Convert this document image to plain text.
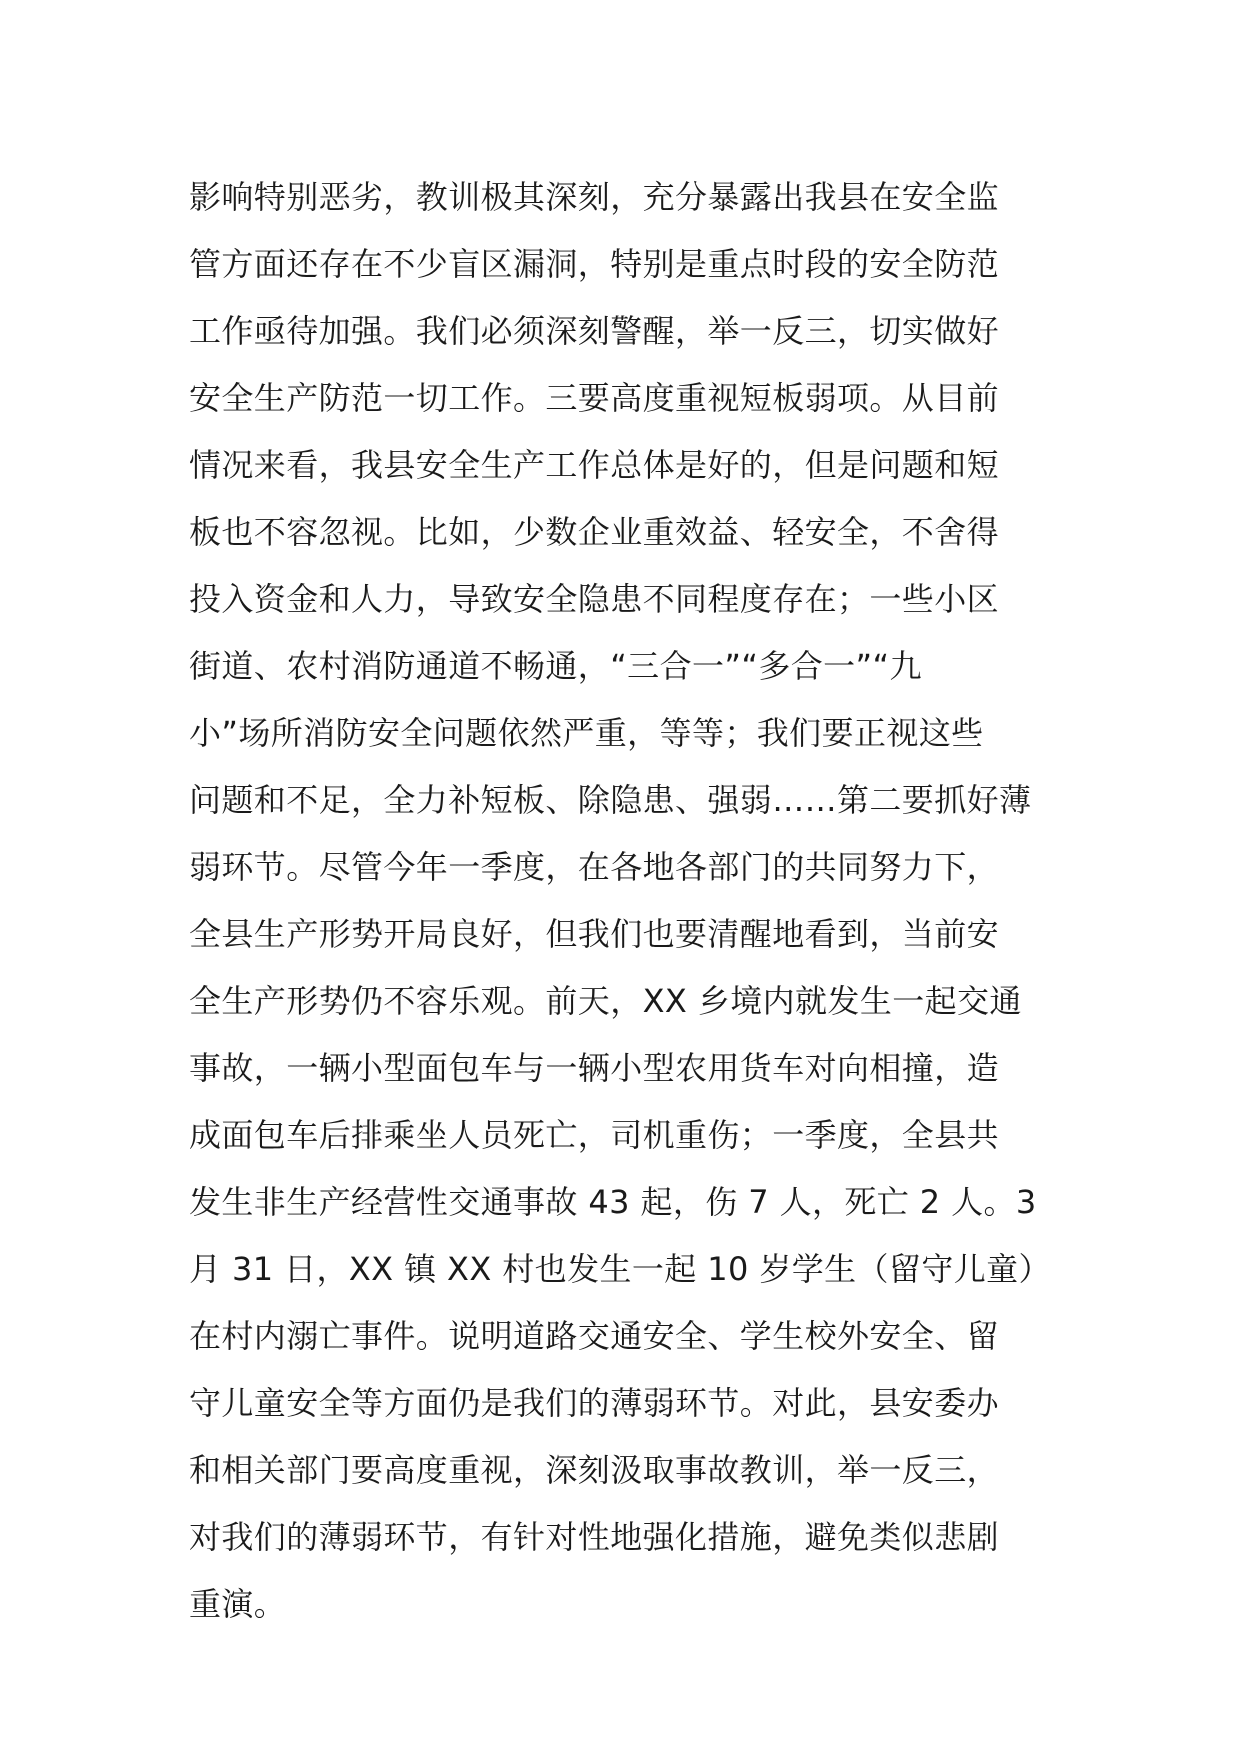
影响特别恶劣，教训极其深刻，充分暴露出我县在安全监
管方面还存在不少盲区漏洞，特别是重点时段的安全防范
工作亟待加强。我们必须深刻警醒，举一反三，切实做好
安全生产防范一切工作。三要高度重视短板弱项。从目前
情况来看，我县安全生产工作总体是好的，但是问题和短
板也不容忽视。比如，少数企业重效益、轻安全，不舍得
投入资金和人力，导致安全隐患不同程度存在；一些小区
街道、农村消防通道不畅通，“三合一”“多合一”“九
小”场所消防安全问题依然严重，等等；我们要正视这些
问题和不足，全力补短板、除隐患、强弱……第二要抓好薄
弱环节。尽管今年一季度，在各地各部门的共同努力下，
全县生产形势开局良好，但我们也要清醒地看到，当前安
全生产形势仍不容乐观。前天，XX 乡境内就发生一起交通
事故，一辆小型面包车与一辆小型农用货车对向相撞，造
成面包车后排乘坐人员死亡，司机重伤；一季度，全县共
发生非生产经营性交通事故 43 起，伤 7 人，死亡 2 人。3
月 31 日，XX 镇 XX 村也发生一起 10 岁学生（留守儿童）
在村内溺亡事件。说明道路交通安全、学生校外安全、留
守儿童安全等方面仍是我们的薄弱环节。对此，县安委办
和相关部门要高度重视，深刻汲取事故教训，举一反三，
对我们的薄弱环节，有针对性地强化措施，避免类似悲剧
重演。
